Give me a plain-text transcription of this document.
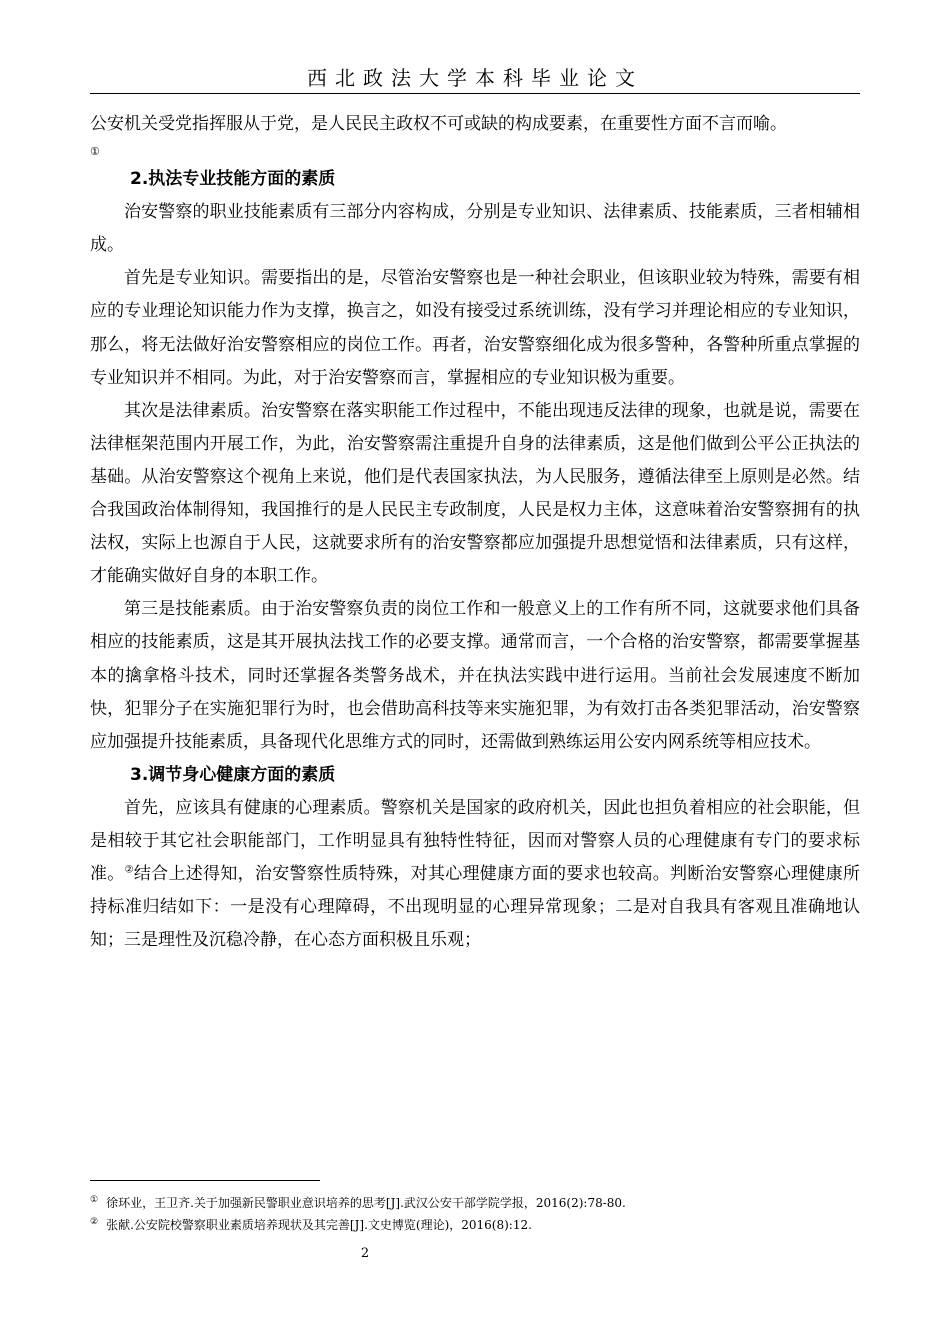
西北政法大学本科毕业论文

公安机关受党指挥服从于党，是人民民主政权不可或缺的构成要素，在重要性方面不言而喻。

①

2.执法专业技能方面的素质

治安警察的职业技能素质有三部分内容构成，分别是专业知识、法律素质、技能素质，三者相辅相成。

首先是专业知识。需要指出的是，尽管治安警察也是一种社会职业，但该职业较为特殊，需要有相应的专业理论知识能力作为支撑，换言之，如没有接受过系统训练，没有学习并理论相应的专业知识，那么，将无法做好治安警察相应的岗位工作。再者，治安警察细化成为很多警种，各警种所重点掌握的专业知识并不相同。为此，对于治安警察而言，掌握相应的专业知识极为重要。

其次是法律素质。治安警察在落实职能工作过程中，不能出现违反法律的现象，也就是说，需要在法律框架范围内开展工作，为此，治安警察需注重提升自身的法律素质，这是他们做到公平公正执法的基础。从治安警察这个视角上来说，他们是代表国家执法，为人民服务，遵循法律至上原则是必然。结合我国政治体制得知，我国推行的是人民民主专政制度，人民是权力主体，这意味着治安警察拥有的执法权，实际上也源自于人民，这就要求所有的治安警察都应加强提升思想觉悟和法律素质，只有这样，才能确实做好自身的本职工作。

第三是技能素质。由于治安警察负责的岗位工作和一般意义上的工作有所不同，这就要求他们具备相应的技能素质，这是其开展执法找工作的必要支撑。通常而言，一个合格的治安警察，都需要掌握基本的擒拿格斗技术，同时还掌握各类警务战术，并在执法实践中进行运用。当前社会发展速度不断加快，犯罪分子在实施犯罪行为时，也会借助高科技等来实施犯罪，为有效打击各类犯罪活动，治安警察应加强提升技能素质，具备现代化思维方式的同时，还需做到熟练运用公安内网系统等相应技术。

3.调节身心健康方面的素质

首先，应该具有健康的心理素质。警察机关是国家的政府机关，因此也担负着相应的社会职能，但是相较于其它社会职能部门，工作明显具有独特性特征，因而对警察人员的心理健康有专门的要求标准。②结合上述得知，治安警察性质特殊，对其心理健康方面的要求也较高。判断治安警察心理健康所持标准归结如下：一是没有心理障碍，不出现明显的心理异常现象；二是对自我具有客观且准确地认知；三是理性及沉稳冷静，在心态方面积极且乐观；

① 徐环业，王卫齐.关于加强新民警职业意识培养的思考[J].武汉公安干部学院学报，2016(2):78-80.

② 张献.公安院校警察职业素质培养现状及其完善[J].文史博览(理论)，2016(8):12.

2
